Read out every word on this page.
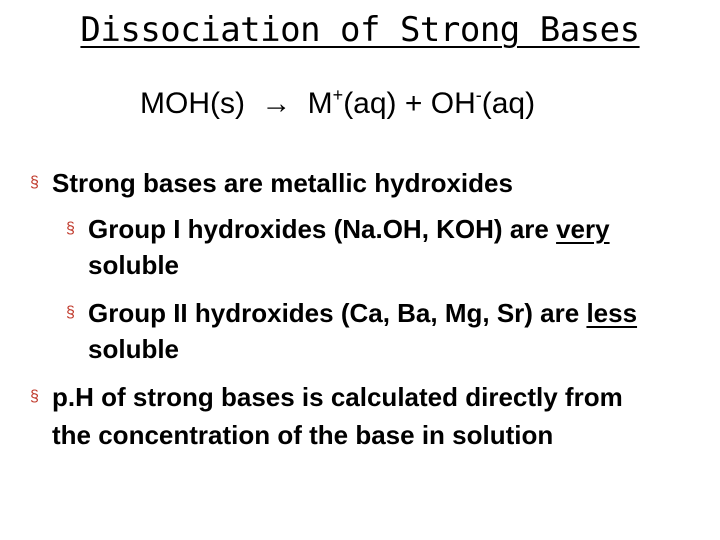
Dissociation of Strong Bases
MOH(s) → M+(aq) + OH-(aq)
§ Strong bases are metallic hydroxides
§ Group I hydroxides (Na.OH, KOH) are very
soluble
§ Group II hydroxides (Ca, Ba, Mg, Sr) are less
soluble
§ p.H of strong bases is calculated directly from
the concentration of the base in solution
